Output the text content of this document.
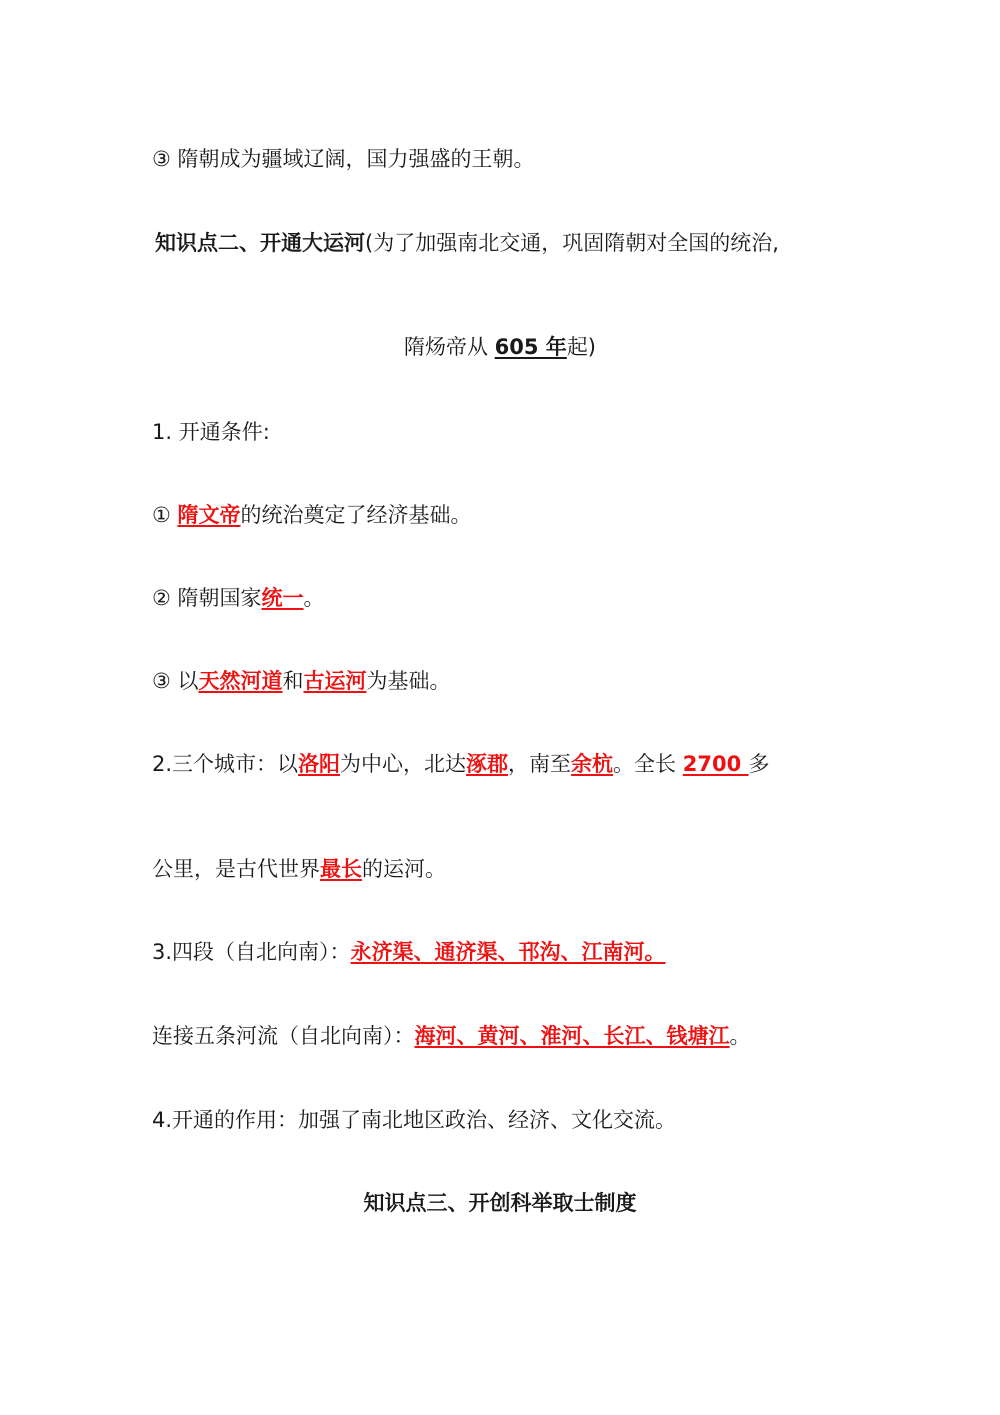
③ 隋朝成为疆域辽阔，国力强盛的王朝。
知识点二、开通大运河(为了加强南北交通，巩固隋朝对全国的统治,
隋炀帝从 605 年起)
1. 开通条件:
① 隋文帝的统治奠定了经济基础。
② 隋朝国家统一。
③ 以天然河道和古运河为基础。
2.三个城市：以洛阳为中心，北达涿郡，南至余杭。全长 2700 多
公里，是古代世界最长的运河。
3.四段（自北向南）：永济渠、通济渠、邗沟、江南河。
连接五条河流（自北向南）：海河、黄河、淮河、长江、钱塘江。
4.开通的作用：加强了南北地区政治、经济、文化交流。
知识点三、开创科举取士制度
